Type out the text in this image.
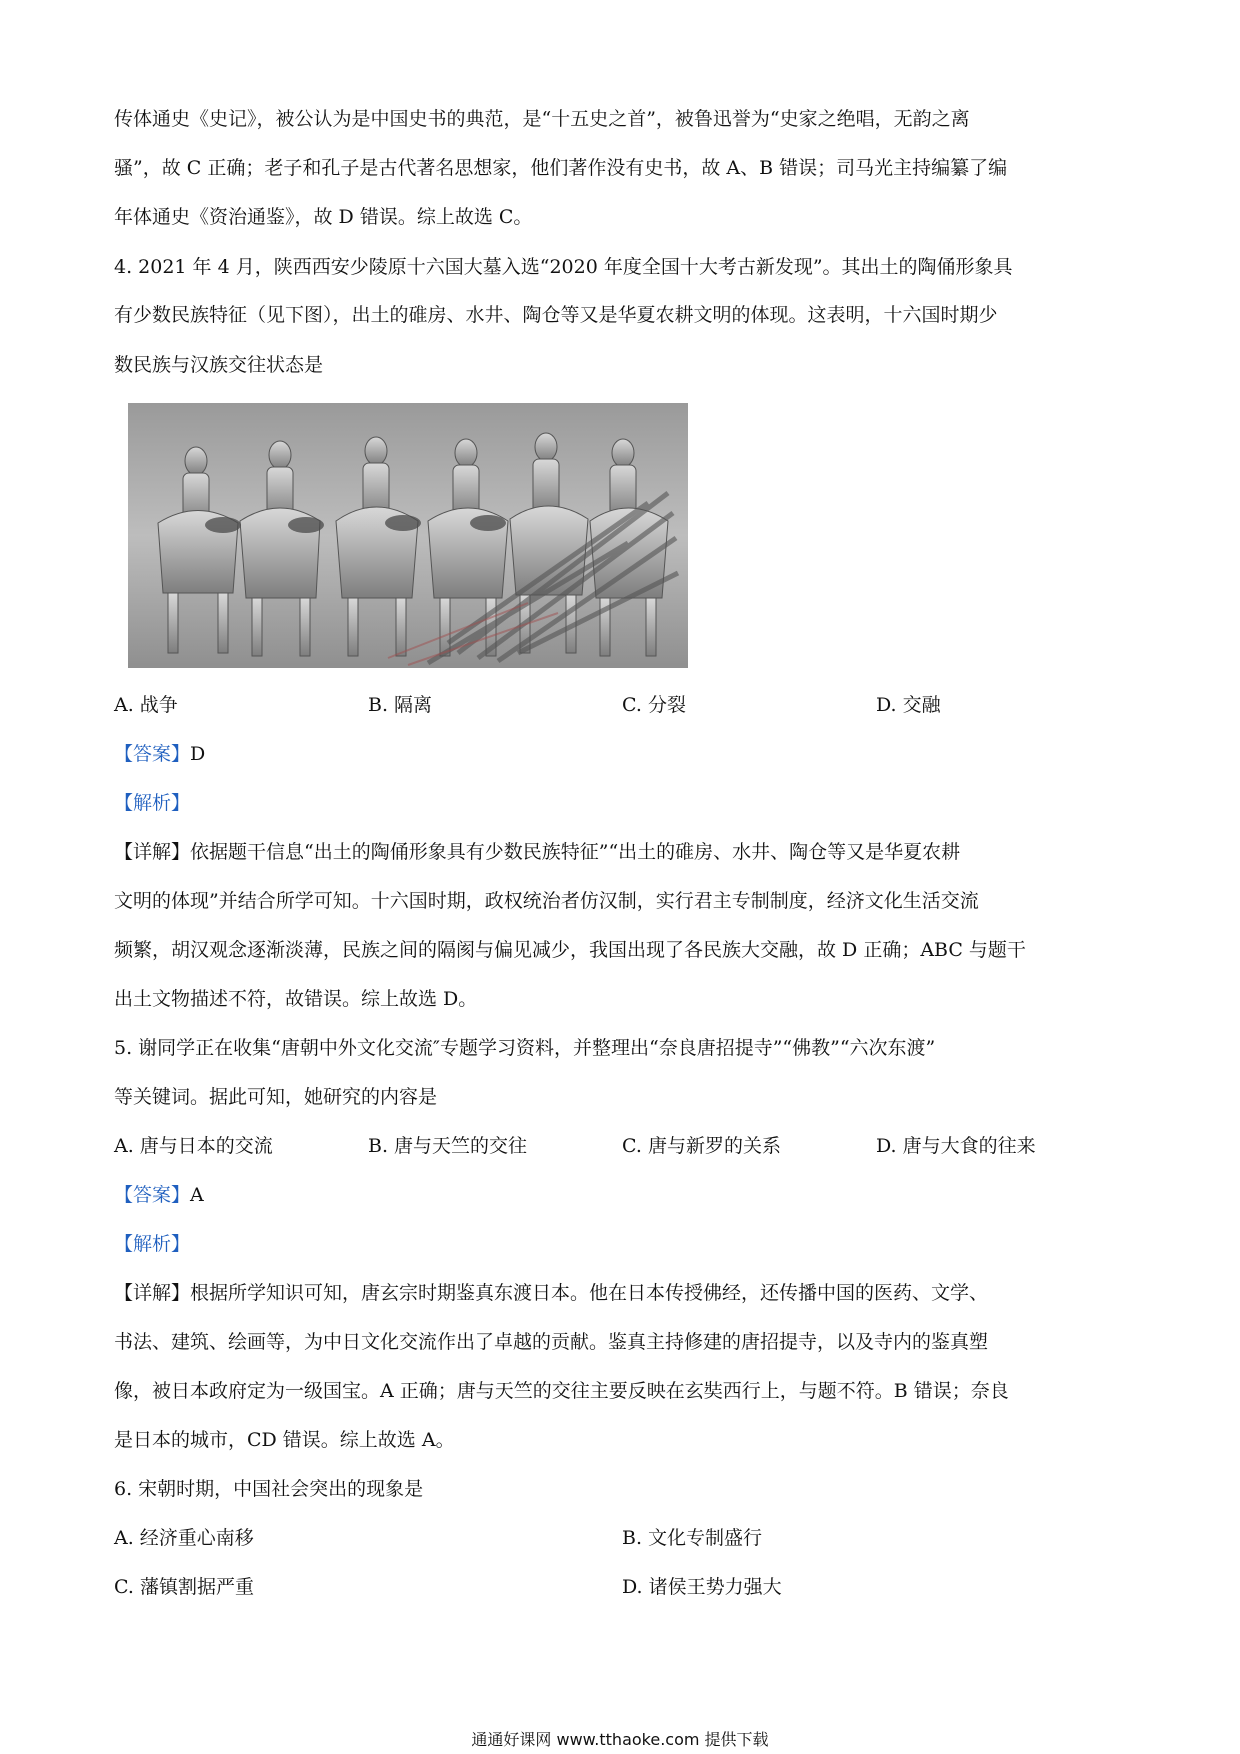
传体通史《史记》，被公认为是中国史书的典范，是“十五史之首”，被鲁迅誉为“史家之绝唱，无韵之离
骚”，故 C 正确；老子和孔子是古代著名思想家，他们著作没有史书，故 A、B 错误；司马光主持编纂了编
年体通史《资治通鉴》，故 D 错误。综上故选 C。
4. 2021 年 4 月，陕西西安少陵原十六国大墓入选“2020 年度全国十大考古新发现”。其出土的陶俑形象具
有少数民族特征（见下图），出土的碓房、水井、陶仓等又是华夏农耕文明的体现。这表明，十六国时期少
数民族与汉族交往状态是
A. 战争	B. 隔离	C. 分裂	D. 交融
【答案】D
【解析】
【详解】依据题干信息“出土的陶俑形象具有少数民族特征”“出土的碓房、水井、陶仓等又是华夏农耕
文明的体现”并结合所学可知。十六国时期，政权统治者仿汉制，实行君主专制制度，经济文化生活交流
频繁，胡汉观念逐渐淡薄，民族之间的隔阂与偏见减少，我国出现了各民族大交融，故 D 正确；ABC 与题干
出土文物描述不符，故错误。综上故选 D。
5. 谢同学正在收集“唐朝中外文化交流″专题学习资料，并整理出“奈良唐招提寺”“佛教”“六次东渡”
等关键词。据此可知，她研究的内容是
A. 唐与日本的交流	B. 唐与天竺的交往	C. 唐与新罗的关系	D. 唐与大食的往来
【答案】A
【解析】
【详解】根据所学知识可知，唐玄宗时期鉴真东渡日本。他在日本传授佛经，还传播中国的医药、文学、
书法、建筑、绘画等，为中日文化交流作出了卓越的贡献。鉴真主持修建的唐招提寺，以及寺内的鉴真塑
像，被日本政府定为一级国宝。A 正确；唐与天竺的交往主要反映在玄奘西行上，与题不符。B 错误；奈良
是日本的城市，CD 错误。综上故选 A。
6. 宋朝时期，中国社会突出的现象是
A. 经济重心南移	B. 文化专制盛行
C. 藩镇割据严重	D. 诸侯王势力强大
通通好课网 www.tthaoke.com 提供下载
